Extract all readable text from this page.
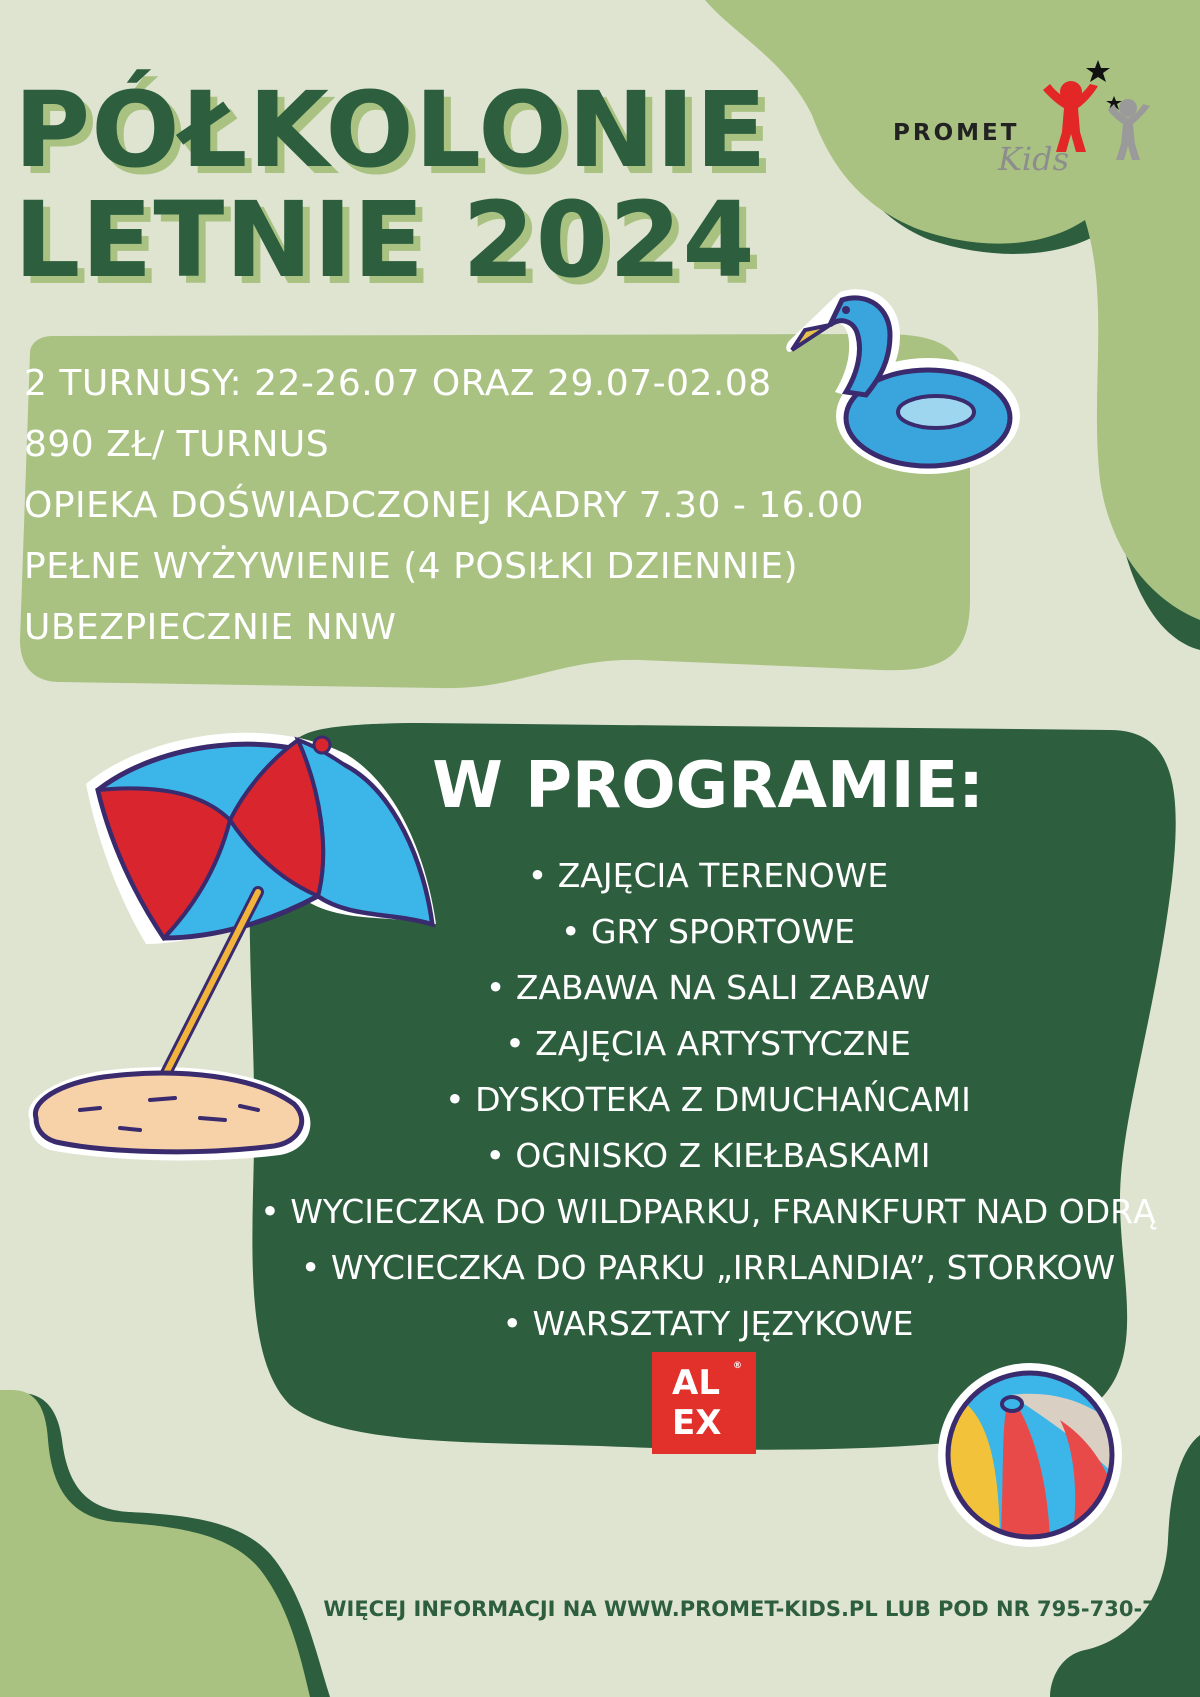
PÓŁKOLONIE
LETNIE 2024
PROMET
Kids
2 TURNUSY: 22-26.07 ORAZ 29.07-02.08
890 ZŁ/ TURNUS
OPIEKA DOŚWIADCZONEJ KADRY 7.30 - 16.00
PEŁNE WYŻYWIENIE (4 POSIŁKI DZIENNIE)
UBEZPIECZNIE NNW
W PROGRAMIE:
• ZAJĘCIA TERENOWE
• GRY SPORTOWE
• ZABAWA NA SALI ZABAW
• ZAJĘCIA ARTYSTYCZNE
• DYSKOTEKA Z DMUCHAŃCAMI
• OGNISKO Z KIEŁBASKAMI
• WYCIECZKA DO WILDPARKU, FRANKFURT NAD ODRĄ
• WYCIECZKA DO PARKU „IRRLANDIA”, STORKOW
• WARSZTATY JĘZYKOWE
AL
EX
®
WIĘCEJ INFORMACJI NA WWW.PROMET-KIDS.PL LUB POD NR 795-730-740
